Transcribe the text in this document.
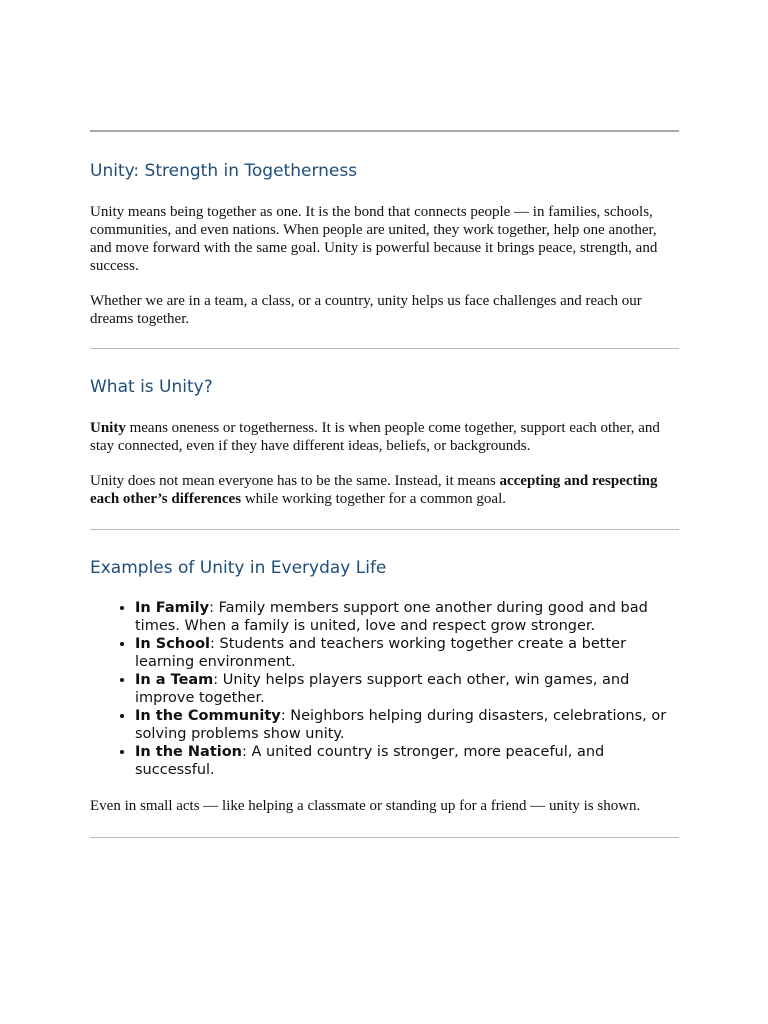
Unity: Strength in Togetherness

Unity means being together as one. It is the bond that connects people — in families, schools, communities, and even nations. When people are united, they work together, help one another, and move forward with the same goal. Unity is powerful because it brings peace, strength, and success.

Whether we are in a team, a class, or a country, unity helps us face challenges and reach our dreams together.

What is Unity?

Unity means oneness or togetherness. It is when people come together, support each other, and stay connected, even if they have different ideas, beliefs, or backgrounds.

Unity does not mean everyone has to be the same. Instead, it means accepting and respecting each other’s differences while working together for a common goal.

Examples of Unity in Everyday Life
• In Family: Family members support one another during good and bad times. When a family is united, love and respect grow stronger.
• In School: Students and teachers working together create a better learning environment.
• In a Team: Unity helps players support each other, win games, and improve together.
• In the Community: Neighbors helping during disasters, celebrations, or solving problems show unity.
• In the Nation: A united country is stronger, more peaceful, and successful.

Even in small acts — like helping a classmate or standing up for a friend — unity is shown.
